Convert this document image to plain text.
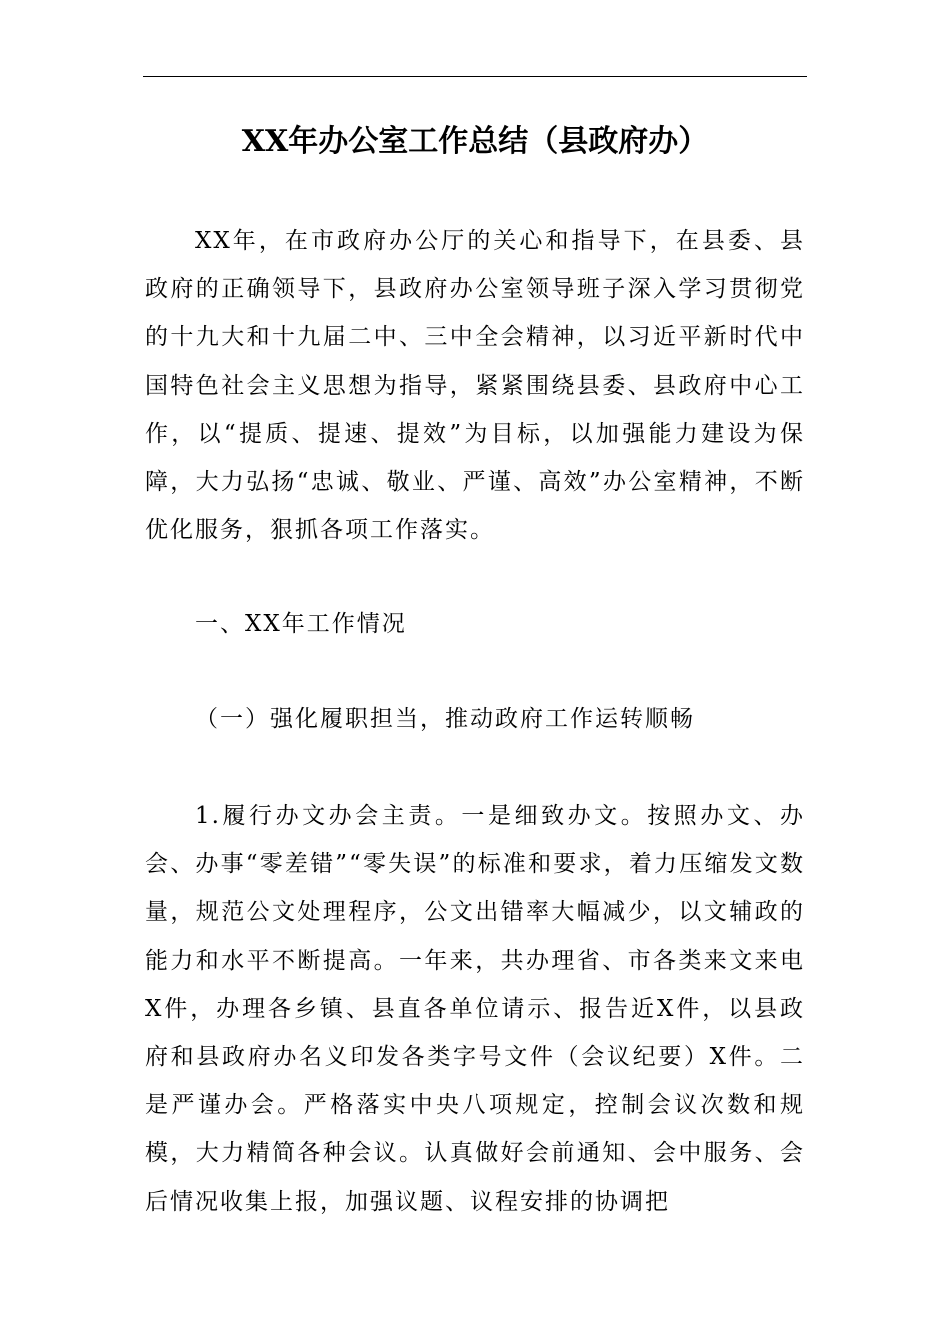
XX年办公室工作总结（县政府办）

XX年，在市政府办公厅的关心和指导下，在县委、县政府的正确领导下，县政府办公室领导班子深入学习贯彻党的十九大和十九届二中、三中全会精神，以习近平新时代中国特色社会主义思想为指导，紧紧围绕县委、县政府中心工作，以“提质、提速、提效”为目标，以加强能力建设为保障，大力弘扬“忠诚、敬业、严谨、高效”办公室精神，不断优化服务，狠抓各项工作落实。

一、XX年工作情况

（一）强化履职担当，推动政府工作运转顺畅

1.履行办文办会主责。一是细致办文。按照办文、办会、办事“零差错”“零失误”的标准和要求，着力压缩发文数量，规范公文处理程序，公文出错率大幅减少，以文辅政的能力和水平不断提高。一年来，共办理省、市各类来文来电X件，办理各乡镇、县直各单位请示、报告近X件，以县政府和县政府办名义印发各类字号文件（会议纪要）X件。二是严谨办会。严格落实中央八项规定，控制会议次数和规模，大力精简各种会议。认真做好会前通知、会中服务、会后情况收集上报，加强议题、议程安排的协调把
